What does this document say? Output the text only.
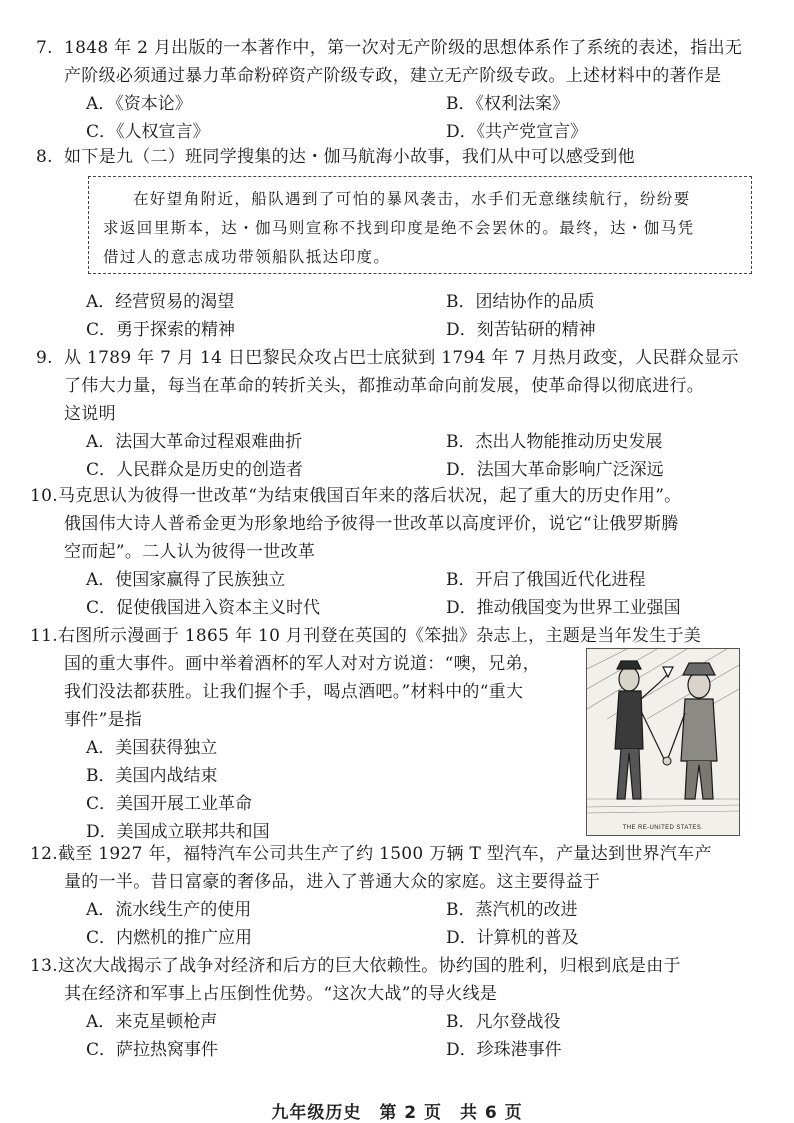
7. 1848 年 2 月出版的一本著作中，第一次对无产阶级的思想体系作了系统的表述，指出无
产阶级必须通过暴力革命粉碎资产阶级专政，建立无产阶级专政。上述材料中的著作是
A．《资本论》	B．《权利法案》
C．《人权宣言》	D．《共产党宣言》
8. 如下是九（二）班同学搜集的达・伽马航海小故事，我们从中可以感受到他
在好望角附近，船队遇到了可怕的暴风袭击，水手们无意继续航行，纷纷要
求返回里斯本，达・伽马则宣称不找到印度是绝不会罢休的。最终，达・伽马凭
借过人的意志成功带领船队抵达印度。
A．经营贸易的渴望	B．团结协作的品质
C．勇于探索的精神	D．刻苦钻研的精神
9. 从 1789 年 7 月 14 日巴黎民众攻占巴士底狱到 1794 年 7 月热月政变，人民群众显示
了伟大力量，每当在革命的转折关头，都推动革命向前发展，使革命得以彻底进行。
这说明
A．法国大革命过程艰难曲折	B．杰出人物能推动历史发展
C．人民群众是历史的创造者	D．法国大革命影响广泛深远
10.马克思认为彼得一世改革“为结束俄国百年来的落后状况，起了重大的历史作用”。
俄国伟大诗人普希金更为形象地给予彼得一世改革以高度评价，说它“让俄罗斯腾
空而起”。二人认为彼得一世改革
A．使国家赢得了民族独立	B．开启了俄国近代化进程
C．促使俄国进入资本主义时代	D．推动俄国变为世界工业强国
11.右图所示漫画于 1865 年 10 月刊登在英国的《笨拙》杂志上，主题是当年发生于美
国的重大事件。画中举着酒杯的军人对对方说道：“噢，兄弟，
我们没法都获胜。让我们握个手，喝点酒吧。”材料中的“重大
事件”是指
A．美国获得独立
B．美国内战结束
C．美国开展工业革命
D．美国成立联邦共和国	THE RE-UNITED STATES.
12.截至 1927 年，福特汽车公司共生产了约 1500 万辆 T 型汽车，产量达到世界汽车产
量的一半。昔日富豪的奢侈品，进入了普通大众的家庭。这主要得益于
A．流水线生产的使用	B．蒸汽机的改进
C．内燃机的推广应用	D．计算机的普及
13.这次大战揭示了战争对经济和后方的巨大依赖性。协约国的胜利，归根到底是由于
其在经济和军事上占压倒性优势。“这次大战”的导火线是
A．来克星顿枪声	B．凡尔登战役
C．萨拉热窝事件	D．珍珠港事件
九年级历史　第 2 页　共 6 页
